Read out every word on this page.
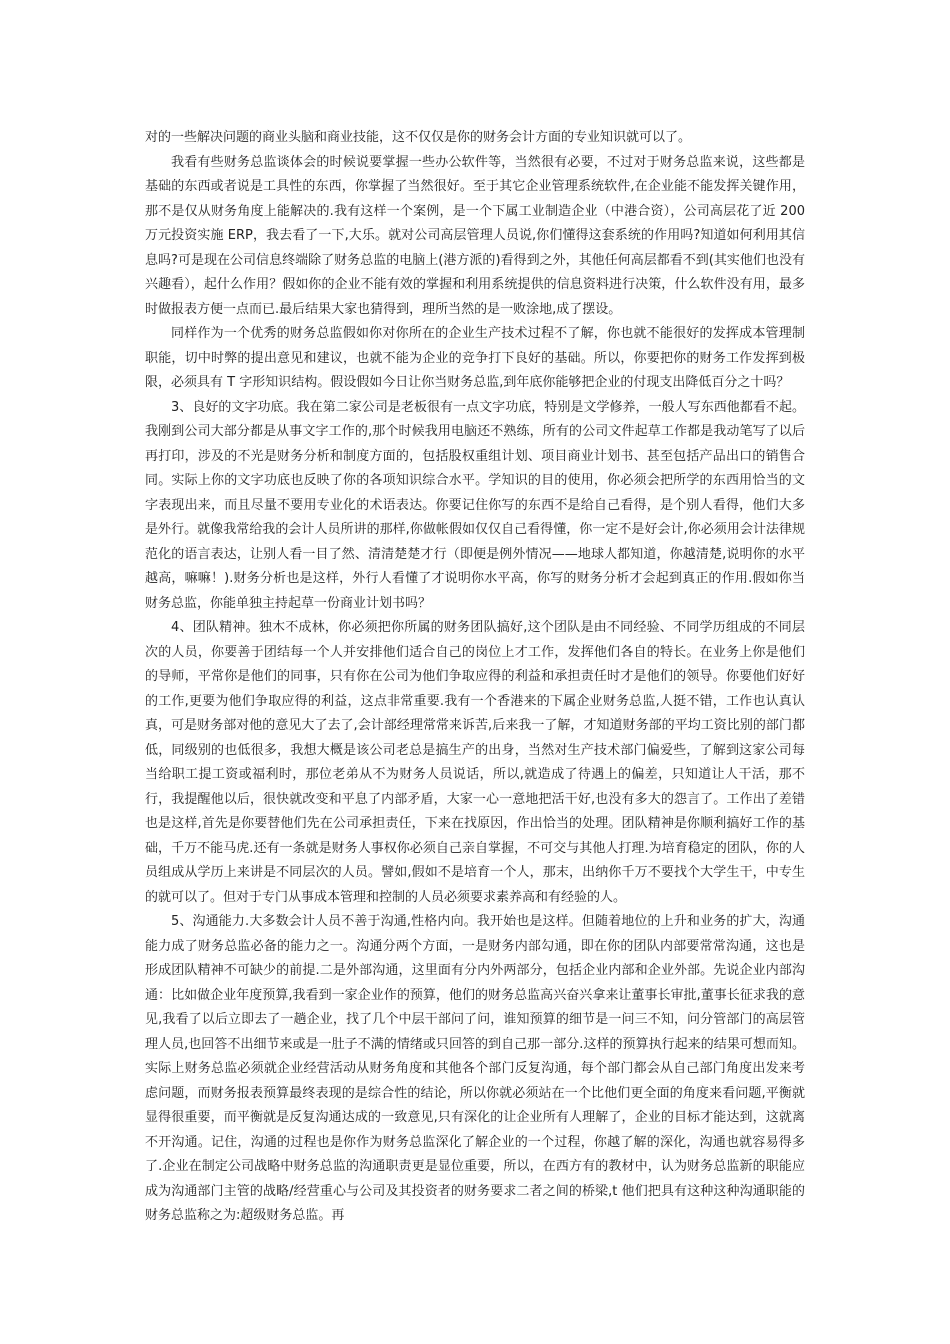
对的一些解决问题的商业头脑和商业技能，这不仅仅是你的财务会计方面的专业知识就可以了。

我看有些财务总监谈体会的时候说要掌握一些办公软件等，当然很有必要，不过对于财务总监来说，这些都是基础的东西或者说是工具性的东西，你掌握了当然很好。至于其它企业管理系统软件,在企业能不能发挥关键作用，那不是仅从财务角度上能解决的.我有这样一个案例，是一个下属工业制造企业（中港合资），公司高层花了近 200 万元投资实施 ERP，我去看了一下,大乐。就对公司高层管理人员说,你们懂得这套系统的作用吗?知道如何利用其信息吗?可是现在公司信息终端除了财务总监的电脑上(港方派的)看得到之外，其他任何高层都看不到(其实他们也没有兴趣看），起什么作用？假如你的企业不能有效的掌握和利用系统提供的信息资料进行决策，什么软件没有用，最多时做报表方便一点而已.最后结果大家也猜得到，理所当然的是一败涂地,成了摆设。

同样作为一个优秀的财务总监假如你对你所在的企业生产技术过程不了解，你也就不能很好的发挥成本管理制职能，切中时弊的提出意见和建议，也就不能为企业的竞争打下良好的基础。所以，你要把你的财务工作发挥到极限，必须具有 T 字形知识结构。假设假如今日让你当财务总监,到年底你能够把企业的付现支出降低百分之十吗？

3、良好的文字功底。我在第二家公司是老板很有一点文字功底，特别是文学修养，一般人写东西他都看不起。我刚到公司大部分都是从事文字工作的,那个时候我用电脑还不熟练，所有的公司文件起草工作都是我动笔写了以后再打印，涉及的不光是财务分析和制度方面的，包括股权重组计划、项目商业计划书、甚至包括产品出口的销售合同。实际上你的文字功底也反映了你的各项知识综合水平。学知识的目的使用，你必须会把所学的东西用恰当的文字表现出来，而且尽量不要用专业化的术语表达。你要记住你写的东西不是给自己看得，是个别人看得，他们大多是外行。就像我常给我的会计人员所讲的那样,你做帐假如仅仅自己看得懂，你一定不是好会计,你必须用会计法律规范化的语言表达，让别人看一目了然、清清楚楚才行（即便是例外情况——地球人都知道，你越清楚,说明你的水平越高，嘛嘛！).财务分析也是这样，外行人看懂了才说明你水平高，你写的财务分析才会起到真正的作用.假如你当财务总监，你能单独主持起草一份商业计划书吗？

4、团队精神。独木不成林，你必须把你所属的财务团队搞好,这个团队是由不同经验、不同学历组成的不同层次的人员，你要善于团结每一个人并安排他们适合自己的岗位上才工作，发挥他们各自的特长。在业务上你是他们的导师，平常你是他们的同事，只有你在公司为他们争取应得的利益和承担责任时才是他们的领导。你要他们好好的工作,更要为他们争取应得的利益，这点非常重要.我有一个香港来的下属企业财务总监,人挺不错，工作也认真认真，可是财务部对他的意见大了去了,会计部经理常常来诉苦,后来我一了解，才知道财务部的平均工资比别的部门都低，同级别的也低很多，我想大概是该公司老总是搞生产的出身，当然对生产技术部门偏爱些，了解到这家公司每当给职工提工资或福利时，那位老弟从不为财务人员说话，所以,就造成了待遇上的偏差，只知道让人干活，那不行，我提醒他以后，很快就改变和平息了内部矛盾，大家一心一意地把活干好,也没有多大的怨言了。工作出了差错也是这样,首先是你要替他们先在公司承担责任，下来在找原因，作出恰当的处理。团队精神是你顺利搞好工作的基础，千万不能马虎.还有一条就是财务人事权你必须自己亲自掌握，不可交与其他人打理.为培育稳定的团队，你的人员组成从学历上来讲是不同层次的人员。譬如,假如不是培育一个人，那末，出纳你千万不要找个大学生干，中专生的就可以了。但对于专门从事成本管理和控制的人员必须要求素养高和有经验的人。

5、沟通能力.大多数会计人员不善于沟通,性格内向。我开始也是这样。但随着地位的上升和业务的扩大，沟通能力成了财务总监必备的能力之一。沟通分两个方面，一是财务内部勾通，即在你的团队内部要常常沟通，这也是形成团队精神不可缺少的前提.二是外部沟通，这里面有分内外两部分，包括企业内部和企业外部。先说企业内部沟通：比如做企业年度预算,我看到一家企业作的预算，他们的财务总监高兴奋兴拿来让董事长审批,董事长征求我的意见,我看了以后立即去了一趟企业，找了几个中层干部问了问，谁知预算的细节是一问三不知，问分管部门的高层管理人员,也回答不出细节来或是一肚子不满的情绪或只回答的到自己那一部分.这样的预算执行起来的结果可想而知。实际上财务总监必须就企业经营活动从财务角度和其他各个部门反复沟通，每个部门都会从自己部门角度出发来考虑问题，而财务报表预算最终表现的是综合性的结论，所以你就必须站在一个比他们更全面的角度来看问题,平衡就显得很重要，而平衡就是反复沟通达成的一致意见,只有深化的让企业所有人理解了，企业的目标才能达到，这就离不开沟通。记住，沟通的过程也是你作为财务总监深化了解企业的一个过程，你越了解的深化，沟通也就容易得多了.企业在制定公司战略中财务总监的沟通职责更是显位重要，所以，在西方有的教材中，认为财务总监新的职能应成为沟通部门主管的战略/经营重心与公司及其投资者的财务要求二者之间的桥梁,t 他们把具有这种这种沟通职能的财务总监称之为:超级财务总监。再
